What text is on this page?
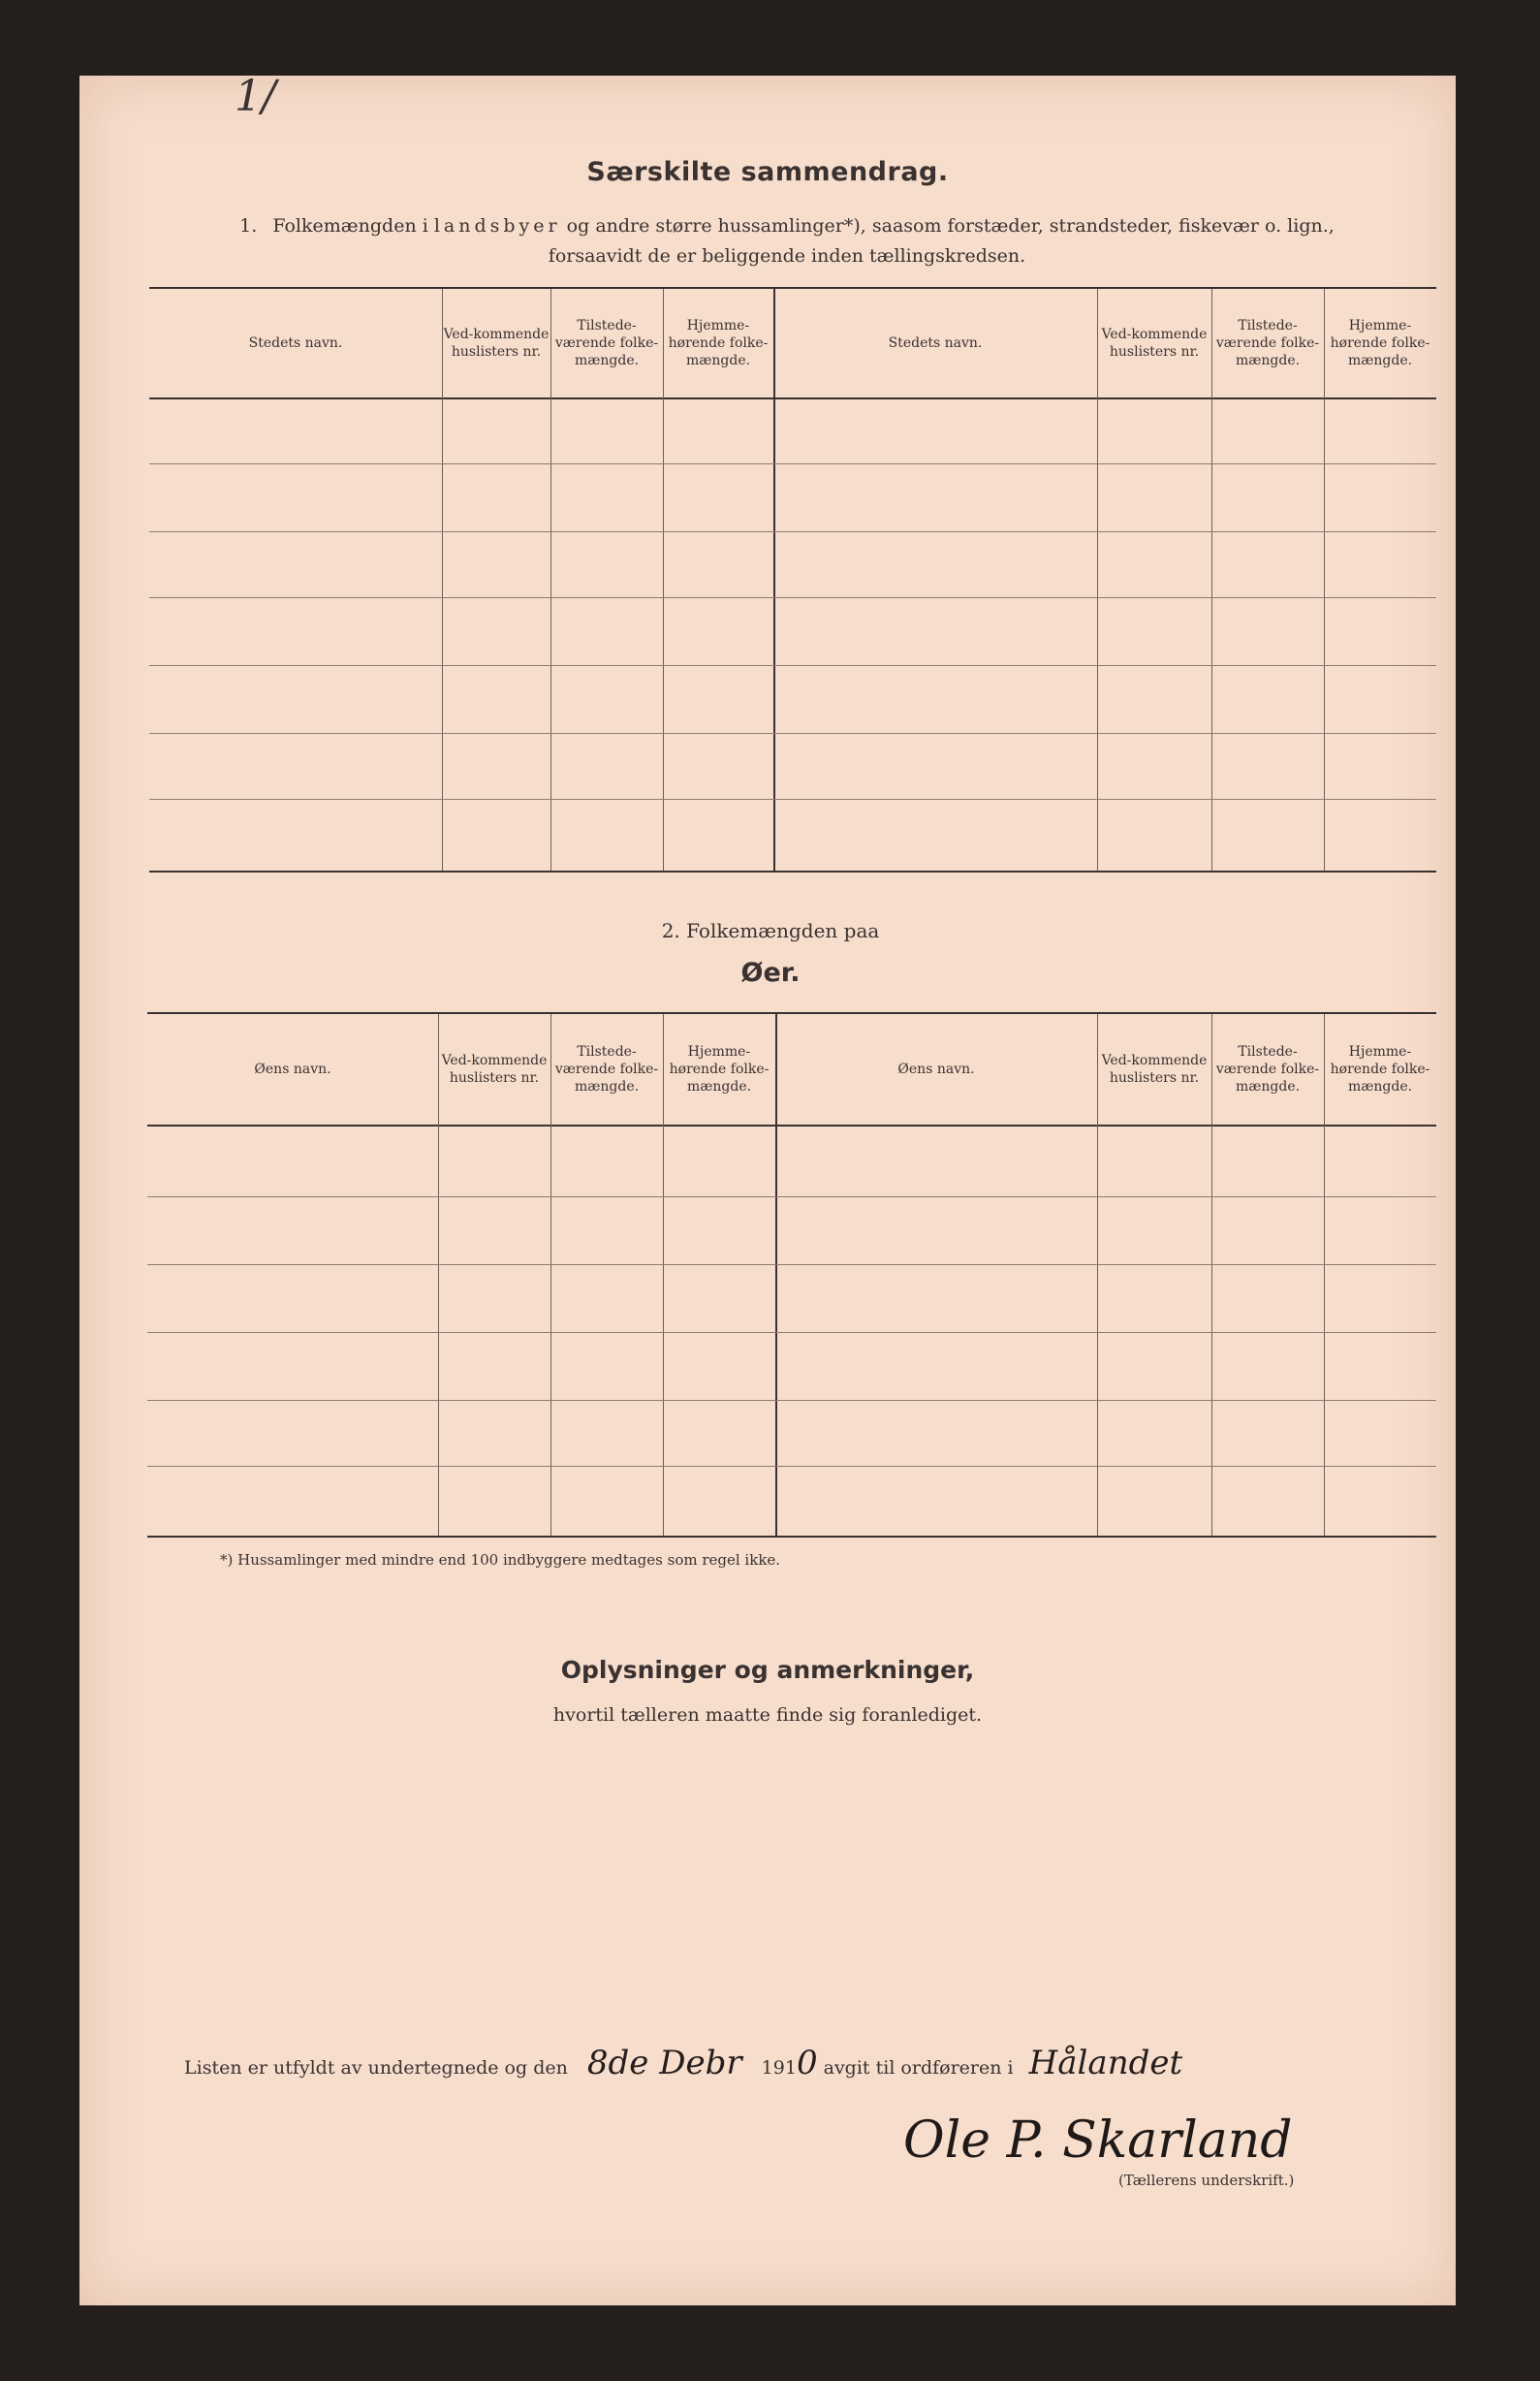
1/
Særskilte sammendrag.
1. Folkemængden i landsbyer og andre større hussamlinger*), saasom forstæder, strandsteder, fiskevær o. lign.,
forsaavidt de er beliggende inden tællingskredsen.
Stedets navn.
Ved-kommende huslisters nr.
Tilstede-værende folke-mængde.
Hjemme-hørende folke-mængde.
Stedets navn.
Ved-kommende huslisters nr.
Tilstede-værende folke-mængde.
Hjemme-hørende folke-mængde.
2. Folkemængden paa
Øer.
Øens navn.
Ved-kommende huslisters nr.
Tilstede-værende folke-mængde.
Hjemme-hørende folke-mængde.
Øens navn.
Ved-kommende huslisters nr.
Tilstede-værende folke-mængde.
Hjemme-hørende folke-mængde.
*) Hussamlinger med mindre end 100 indbyggere medtages som regel ikke.
Oplysninger og anmerkninger,
hvortil tælleren maatte finde sig foranlediget.
Listen er utfyldt av undertegnede og den 8de Debr 1910 avgit til ordføreren i Hålandet
Ole P. Skarland
(Tællerens underskrift.)
